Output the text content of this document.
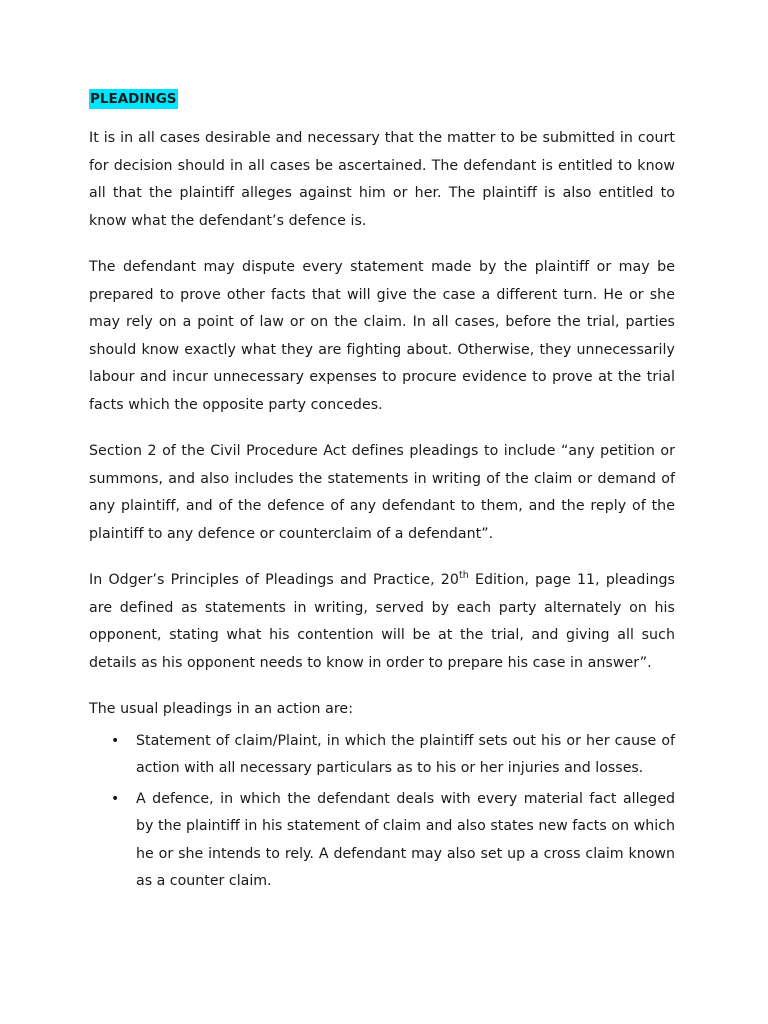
PLEADINGS

It is in all cases desirable and necessary that the matter to be submitted in court for decision should in all cases be ascertained. The defendant is entitled to know all that the plaintiff alleges against him or her. The plaintiff is also entitled to know what the defendant’s defence is.

The defendant may dispute every statement made by the plaintiff or may be prepared to prove other facts that will give the case a different turn. He or she may rely on a point of law or on the claim. In all cases, before the trial, parties should know exactly what they are fighting about. Otherwise, they unnecessarily labour and incur unnecessary expenses to procure evidence to prove at the trial facts which the opposite party concedes.

Section 2 of the Civil Procedure Act defines pleadings to include “any petition or summons, and also includes the statements in writing of the claim or demand of any plaintiff, and of the defence of any defendant to them, and the reply of the plaintiff to any defence or counterclaim of a defendant”.

In Odger’s Principles of Pleadings and Practice, 20th Edition, page 11, pleadings are defined as statements in writing, served by each party alternately on his opponent, stating what his contention will be at the trial, and giving all such details as his opponent needs to know in order to prepare his case in answer”.

The usual pleadings in an action are:

• Statement of claim/Plaint, in which the plaintiff sets out his or her cause of action with all necessary particulars as to his or her injuries and losses.
• A defence, in which the defendant deals with every material fact alleged by the plaintiff in his statement of claim and also states new facts on which he or she intends to rely. A defendant may also set up a cross claim known as a counter claim.
